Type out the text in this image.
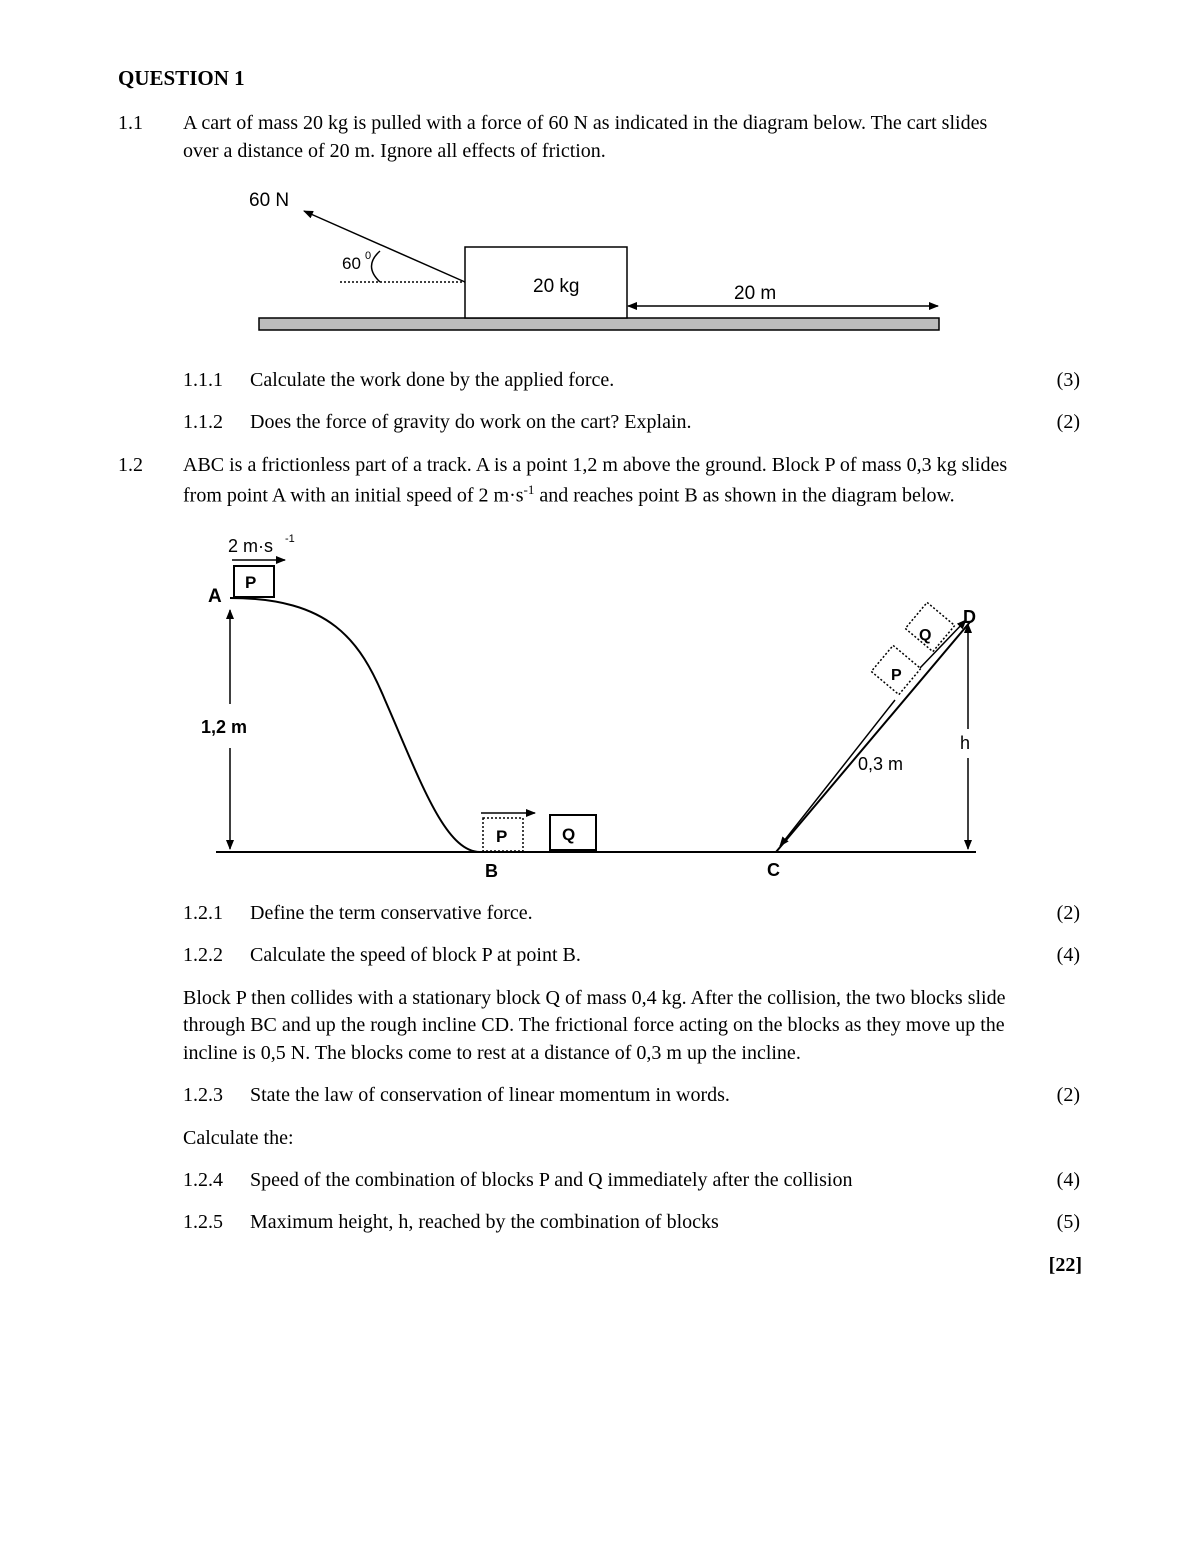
QUESTION 1
1.1 A cart of mass 20 kg is pulled with a force of 60 N as indicated in the diagram below. The cart slides
over a distance of 20 m. Ignore all effects of friction.
20 kg
60 N
60 0
20 m
1,2 m
A
P
2 m·s -1
P	Q
B	C
0,3 m
D
Q
P
h
1.1.1 Calculate the work done by the applied force.	(3)
1.1.2 Does the force of gravity do work on the cart? Explain.	(2)
1.2 ABC is a frictionless part of a track. A is a point 1,2 m above the ground. Block P of mass 0,3 kg slides
from point A with an initial speed of 2 $m\cdot s^{-1}$ and reaches point B as shown in the diagram below.
1.2.1 Define the term conservative force.	(2)
1.2.2 Calculate the speed of block P at point B.	(4)
Block P then collides with a stationary block Q of mass 0,4 kg. After the collision, the two blocks slide
through BC and up the rough incline CD. The frictional force acting on the blocks as they move up the
incline is 0,5 N. The blocks come to rest at a distance of 0,3 m up the incline.
1.2.3 State the law of conservation of linear momentum in words.	(2)
Calculate the:
1.2.4 Speed of the combination of blocks P and Q immediately after the collision	(4)
1.2.5 Maximum height, h, reached by the combination of blocks	(5)
[22]
